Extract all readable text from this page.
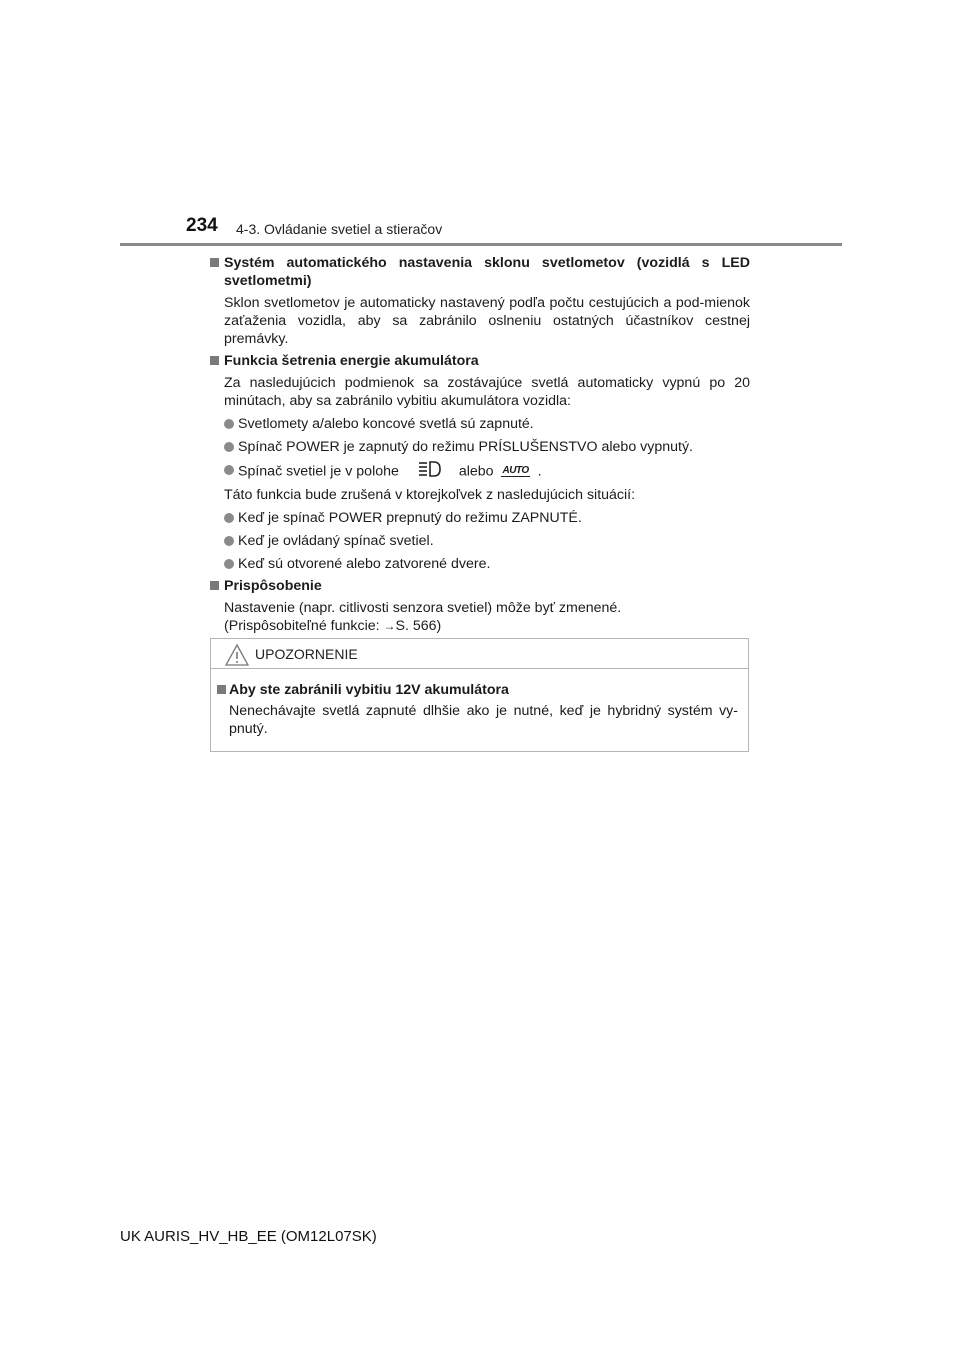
234 4-3. Ovládanie svetiel a stieračov
Systém automatického nastavenia sklonu svetlometov (vozidlá s LED svetlometmi)
Sklon svetlometov je automaticky nastavený podľa počtu cestujúcich a pod-mienok zaťaženia vozidla, aby sa zabránilo oslneniu ostatných účastníkov cestnej premávky.
Funkcia šetrenia energie akumulátora
Za nasledujúcich podmienok sa zostávajúce svetlá automaticky vypnú po 20 minútach, aby sa zabránilo vybitiu akumulátora vozidla:
Svetlomety a/alebo koncové svetlá sú zapnuté.
Spínač POWER je zapnutý do režimu PRÍSLUŠENSTVO alebo vypnutý.
Spínač svetiel je v polohe	alebo AUTO .
Táto funkcia bude zrušená v ktorejkoľvek z nasledujúcich situácií:
Keď je spínač POWER prepnutý do režimu ZAPNUTÉ.
Keď je ovládaný spínač svetiel.
Keď sú otvorené alebo zatvorené dvere.
Prispôsobenie
Nastavenie (napr. citlivosti senzora svetiel) môže byť zmenené.
(Prispôsobiteľné funkcie: →S. 566)
UPOZORNENIE
Aby ste zabránili vybitiu 12V akumulátora
Nenechávajte svetlá zapnuté dlhšie ako je nutné, keď je hybridný systém vy-pnutý.
UK AURIS_HV_HB_EE (OM12L07SK)
